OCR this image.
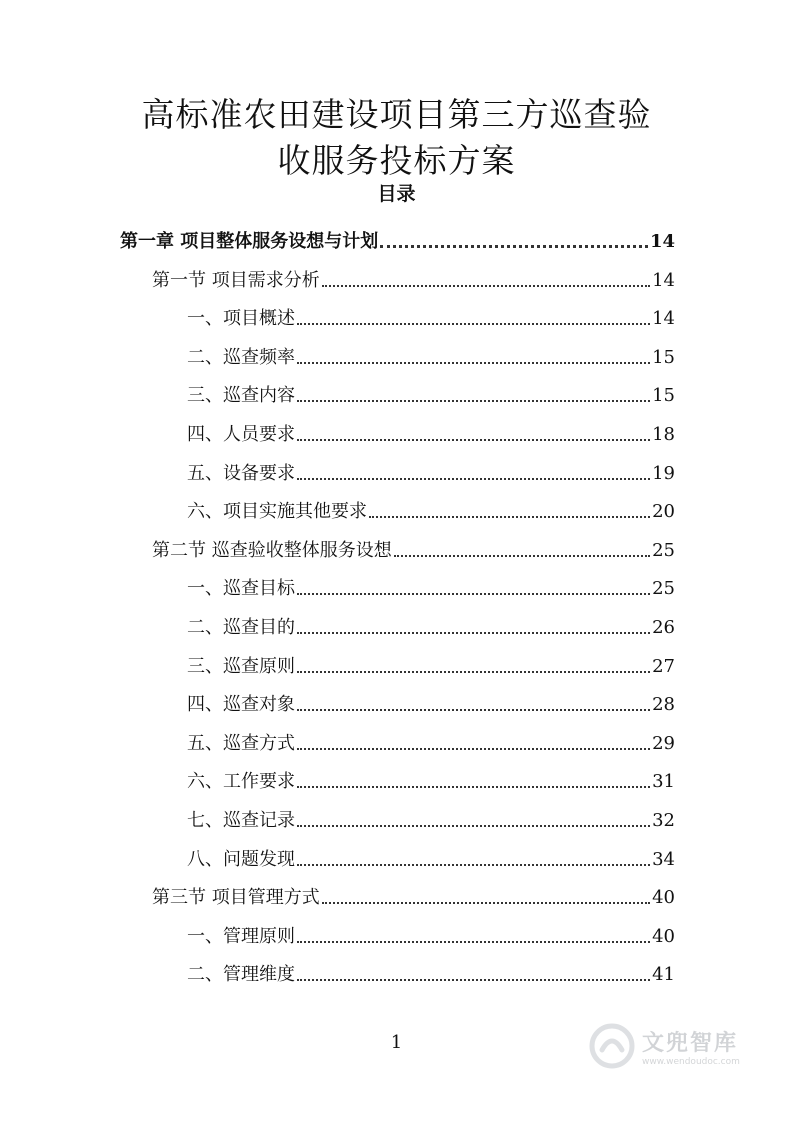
高标准农田建设项目第三方巡查验
收服务投标方案
目录
第一章 项目整体服务设想与计划	14
第一节 项目需求分析	14
一、项目概述	14
二、巡查频率	15
三、巡查内容	15
四、人员要求	18
五、设备要求	19
六、项目实施其他要求	20
第二节 巡查验收整体服务设想	25
一、巡查目标	25
二、巡查目的	26
三、巡查原则	27
四、巡查对象	28
五、巡查方式	29
六、工作要求	31
七、巡查记录	32
八、问题发现	34
第三节 项目管理方式	40
一、管理原则	40
二、管理维度	41
1	文兜智库
www.wendoudoc.com
